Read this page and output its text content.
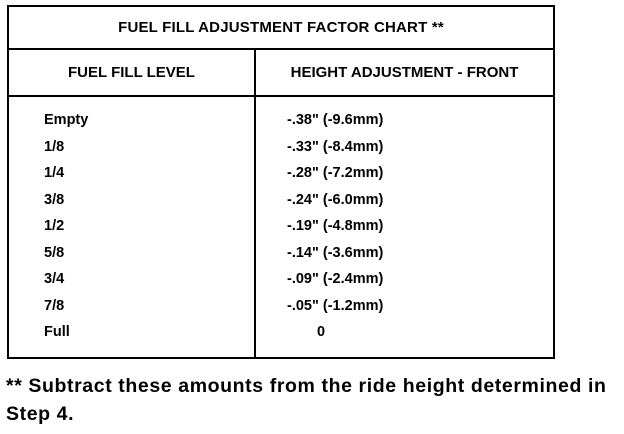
FUEL FILL ADJUSTMENT FACTOR CHART **
FUEL FILL LEVEL	HEIGHT ADJUSTMENT - FRONT
Empty	-.38" (-9.6mm)
1/8	-.33" (-8.4mm)
1/4	-.28" (-7.2mm)
3/8	-.24" (-6.0mm)
1/2	-.19" (-4.8mm)
5/8	-.14" (-3.6mm)
3/4	-.09" (-2.4mm)
7/8	-.05" (-1.2mm)
Full	0
** Subtract these amounts from the ride height determined in Step 4.
